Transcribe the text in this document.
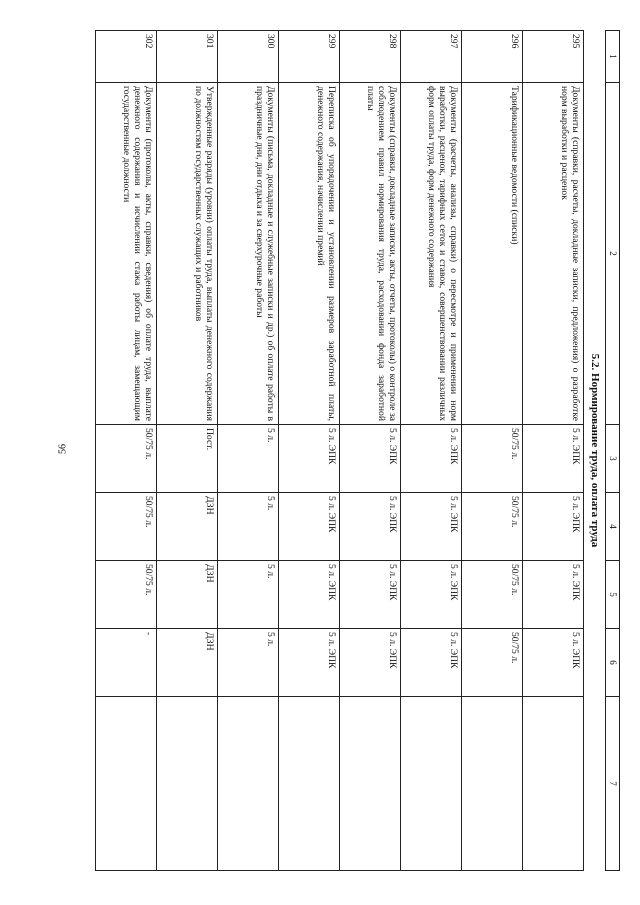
56
1	2	3	4	5	6	7
5.2. Нормирование труда, оплата труда						
295	Документы (справки, расчеты, докладные записки, предложения) о разработке норм выработки и расценок	5 л. ЭПК	5 л. ЭПК	5 л. ЭПК	5 л. ЭПК	
296	Тарификационные ведомости (списки)	50/75 л.	50/75 л.	50/75 л.	50/75 л.	
297	Документы (расчеты, анализы, справки) о пересмотре и применении норм выработки, расценок, тарифных сеток и ставок, совершенствовании различных форм оплаты труда, форм денежного содержания	5 л. ЭПК	5 л. ЭПК	5 л. ЭПК	5 л. ЭПК	
298	Документы (справки, докладные записки, акты, отчеты, протоколы) о контроле за соблюдением правил нормирования труда, расходовании фонда заработной платы	5 л. ЭПК	5 л. ЭПК	5 л. ЭПК	5 л. ЭПК	
299	Переписка об упорядочении и установлении размеров заработной платы, денежного содержания, начислении премий	5 л. ЭПК	5 л. ЭПК	5 л. ЭПК	5 л. ЭПК	
300	Документы (письма, докладные и служебные записки и др.) об оплате работы в праздничные дни, дни отдыха и за сверхурочные работы	5 л.	5 л.	5 л.	5 л.	
301	Утвержденные разряды (уровни) оплаты труда, выплаты денежного содержания по должностям государственных служащих и работников	Пост.	ДЗН	ДЗН	ДЗН	
302	Документы (протоколы, акты, справки, сведения) об оплате труда, выплате денежного содержания и исчислении стажа работы лицам, замещающим государственные должности	50/75 л.	50/75 л.	50/75 л.	-	
